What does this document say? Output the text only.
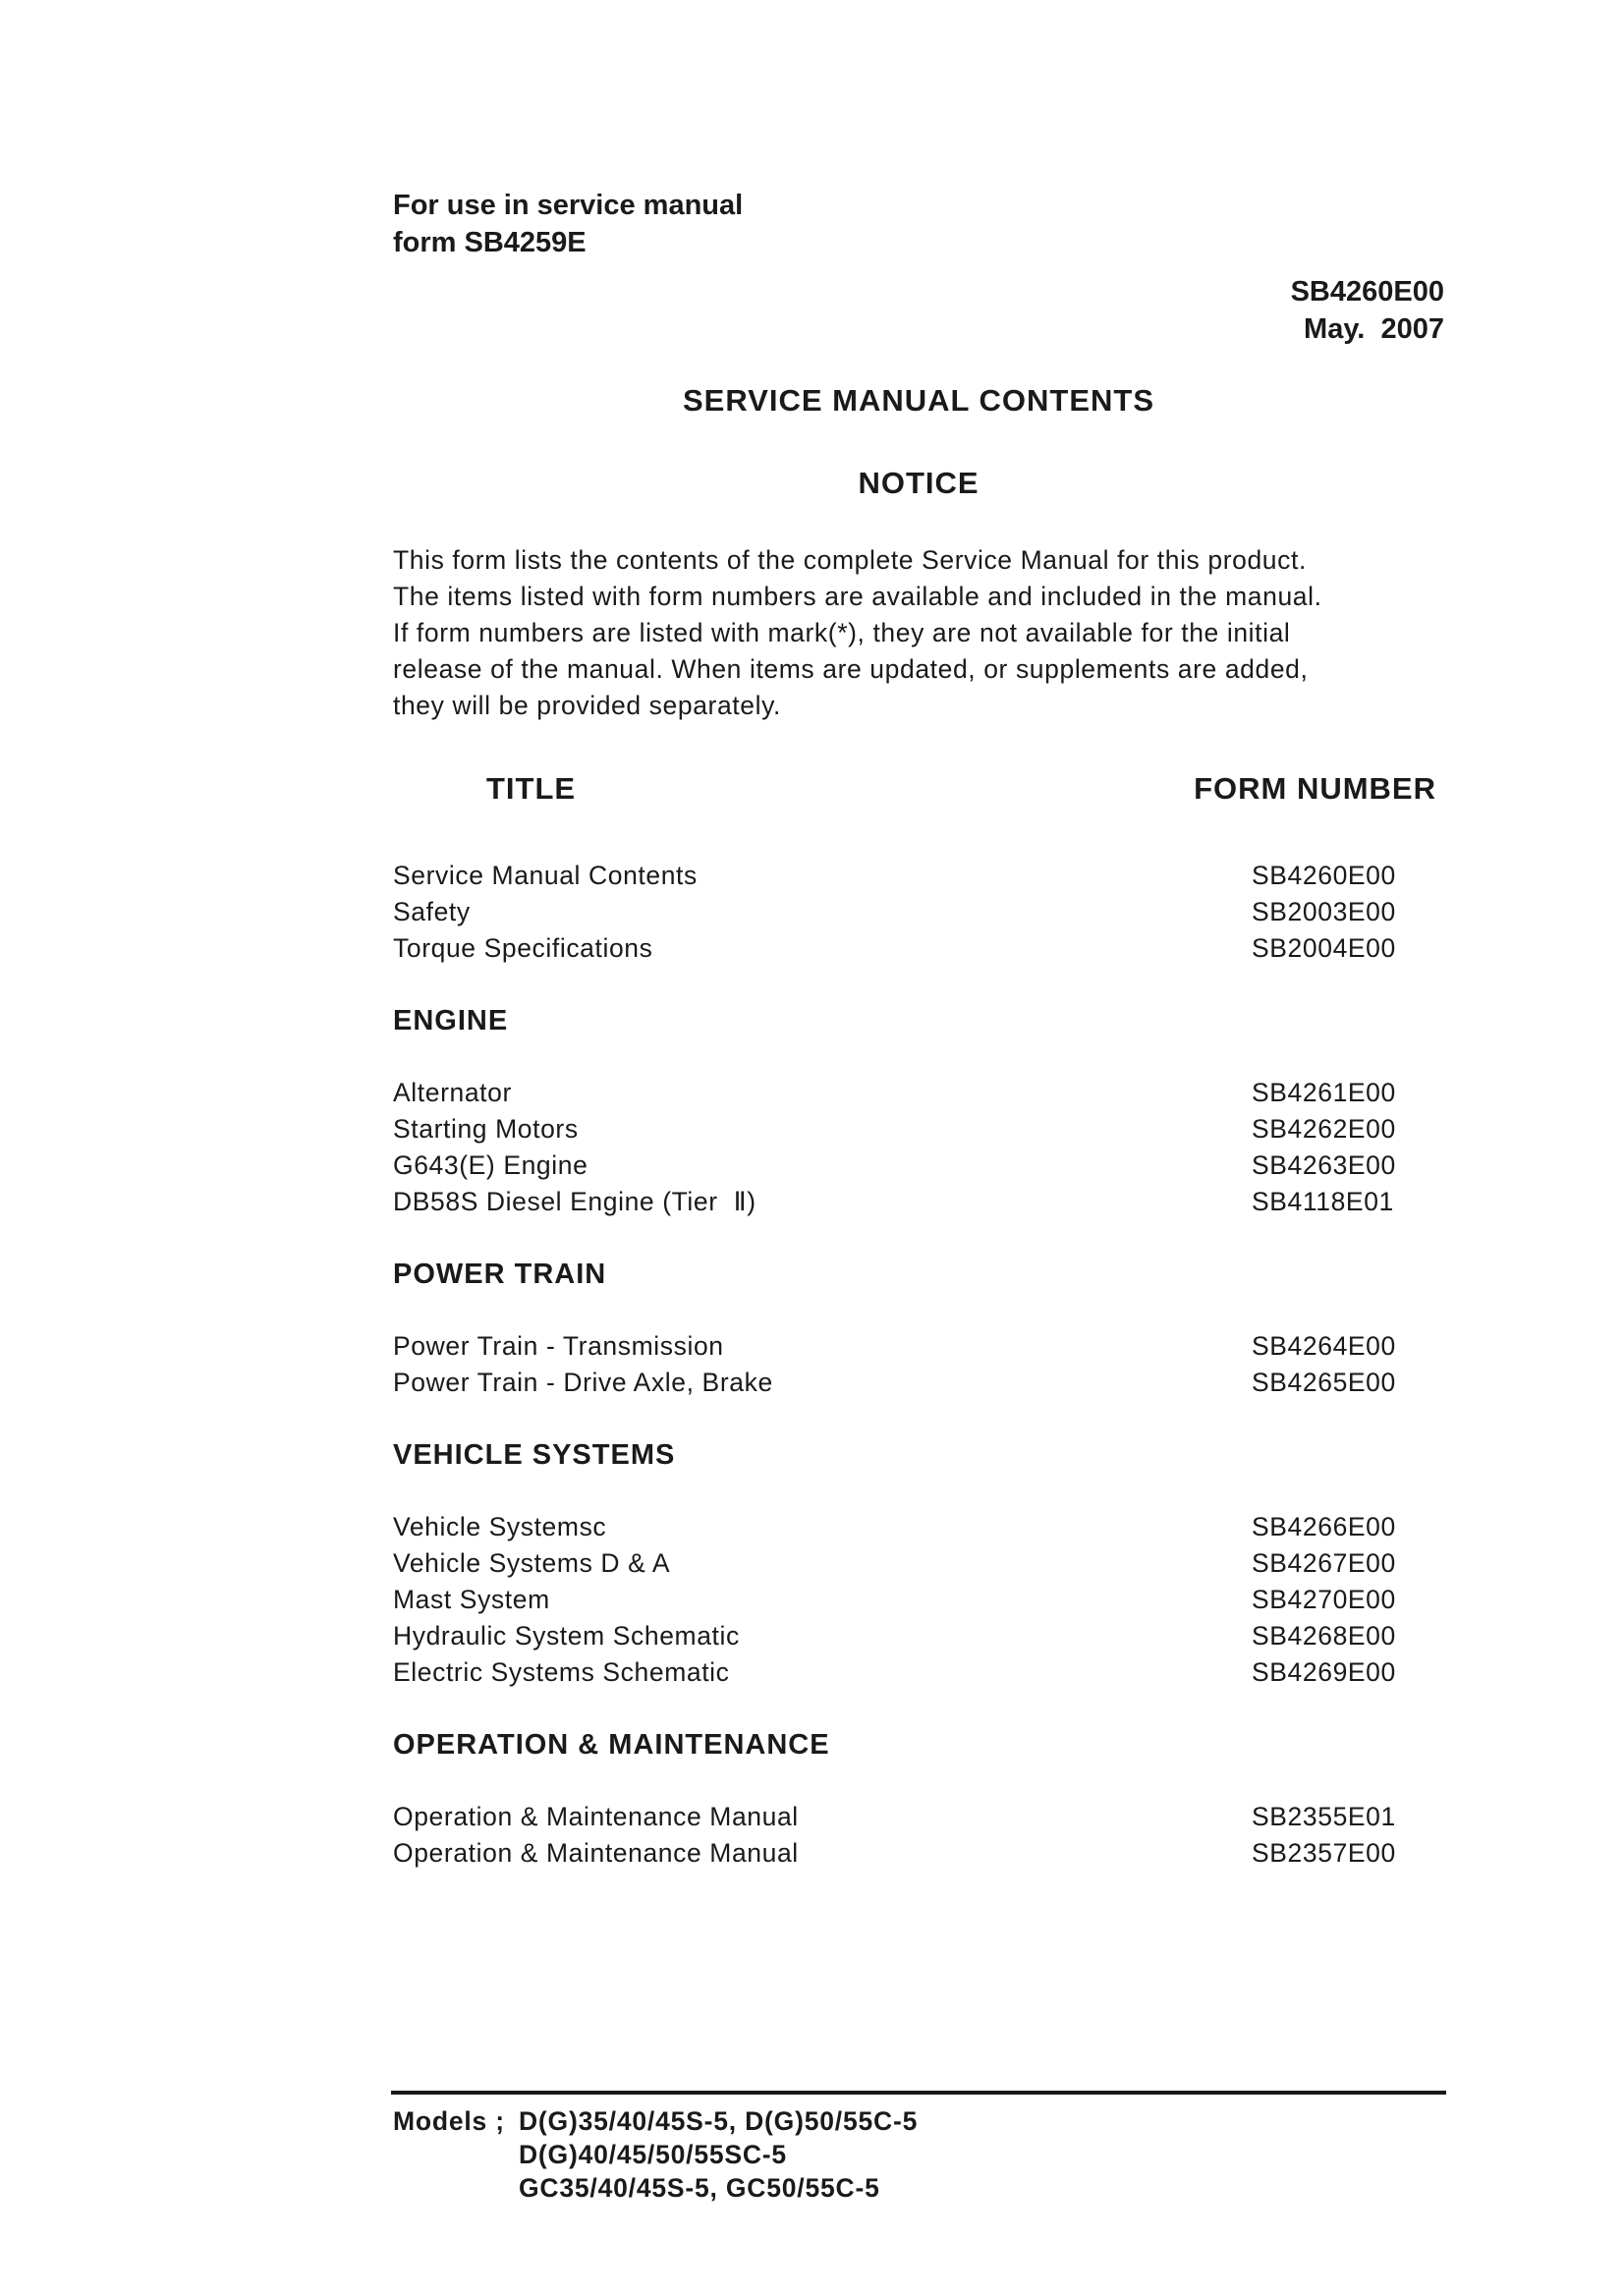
For use in service manual
form SB4259E
SB4260E00
May.  2007
SERVICE MANUAL CONTENTS
NOTICE
This form lists the contents of the complete Service Manual for this product.
The items listed with form numbers are available and included in the manual.
If form numbers are listed with mark(*), they are not available for the initial
release of the manual. When items are updated, or supplements are added,
they will be provided separately.
TITLE	FORM NUMBER
Service Manual Contents	SB4260E00
Safety	SB2003E00
Torque Specifications	SB2004E00
ENGINE
Alternator	SB4261E00
Starting Motors	SB4262E00
G643(E) Engine	SB4263E00
DB58S Diesel Engine (Tier  Ⅱ)	SB4118E01
POWER TRAIN
Power Train - Transmission	SB4264E00
Power Train - Drive Axle, Brake	SB4265E00
VEHICLE SYSTEMS
Vehicle Systemsc	SB4266E00
Vehicle Systems D & A	SB4267E00
Mast System	SB4270E00
Hydraulic System Schematic	SB4268E00
Electric Systems Schematic	SB4269E00
OPERATION & MAINTENANCE
Operation & Maintenance Manual	SB2355E01
Operation & Maintenance Manual	SB2357E00
Models ; D(G)35/40/45S-5, D(G)50/55C-5
D(G)40/45/50/55SC-5
GC35/40/45S-5, GC50/55C-5
